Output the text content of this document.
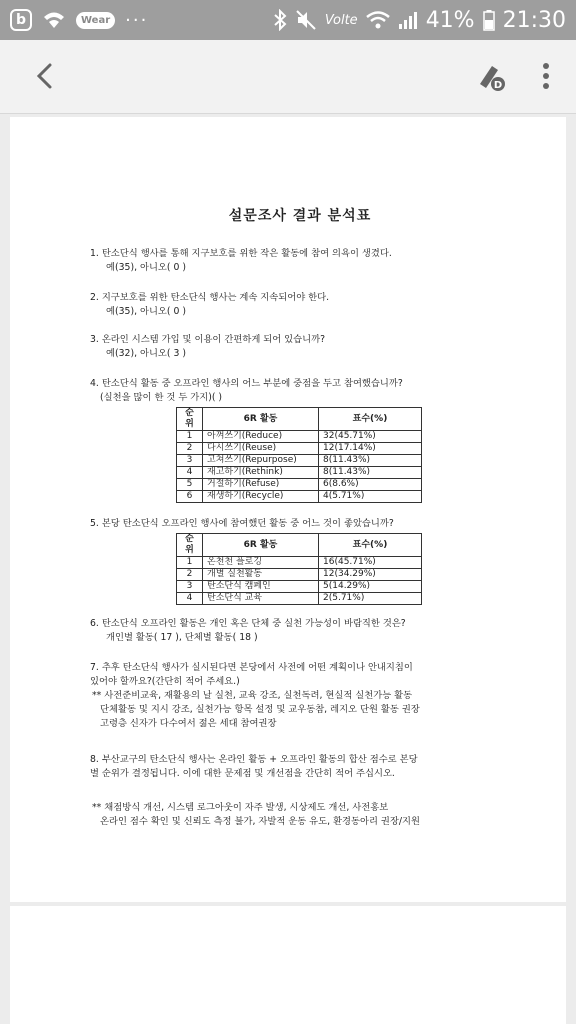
b	Wear ···	Volte	41% 21:30
D
설문조사 결과 분석표
1. 탄소단식 행사를 통해 지구보호를 위한 작은 활동에 참여 의욕이 생겼다.
예(35), 아니오( 0 )
2. 지구보호를 위한 탄소단식 행사는 계속 지속되어야 한다.
예(35), 아니오( 0 )
3. 온라인 시스템 가입 및 이용이 간편하게 되어 있습니까?
예(32), 아니오( 3 )
4. 탄소단식 활동 중 오프라인 행사의 어느 부분에 중점을 두고 참여했습니까?
(실천을 많이 한 것 두 가지)( )
순위	6R 활동	표수(%)
1	아껴쓰기(Reduce)	32(45.71%)
2	다시쓰기(Reuse)	12(17.14%)
3	고쳐쓰기(Repurpose)	8(11.43%)
4	재고하기(Rethink)	8(11.43%)
5	거절하기(Refuse)	6(8.6%)
6	재생하기(Recycle)	4(5.71%)
5. 본당 탄소단식 오프라인 행사에 참여했던 활동 중 어느 것이 좋았습니까?
순위	6R 활동	표수(%)
1	온천천 플로깅	16(45.71%)
2	개별 실천활동	12(34.29%)
3	탄소단식 캠페인	5(14.29%)
4	탄소단식 교육	2(5.71%)
6. 탄소단식 오프라인 활동은 개인 혹은 단체 중 실천 가능성이 바람직한 것은?
개인별 활동( 17 ), 단체별 활동( 18 )
7. 추후 탄소단식 행사가 실시된다면 본당에서 사전에 어떤 계획이나 안내지침이
있어야 할까요?(간단히 적어 주세요.)
** 사전준비교육, 재활용의 날 실천, 교육 강조, 실천독려, 현실적 실천가능 활동
단체활동 및 지시 강조, 실천가능 항목 설정 및 교우동참, 레지오 단원 활동 권장
고령층 신자가 다수여서 젊은 세대 참여권장
8. 부산교구의 탄소단식 행사는 온라인 활동 + 오프라인 활동의 합산 점수로 본당
별 순위가 결정됩니다. 이에 대한 문제점 및 개선점을 간단히 적어 주십시오.
** 채점방식 개선, 시스템 로그아웃이 자주 발생, 시상제도 개선, 사전홍보
온라인 점수 확인 및 신뢰도 측정 불가, 자발적 운동 유도, 환경동아리 권장/지원
